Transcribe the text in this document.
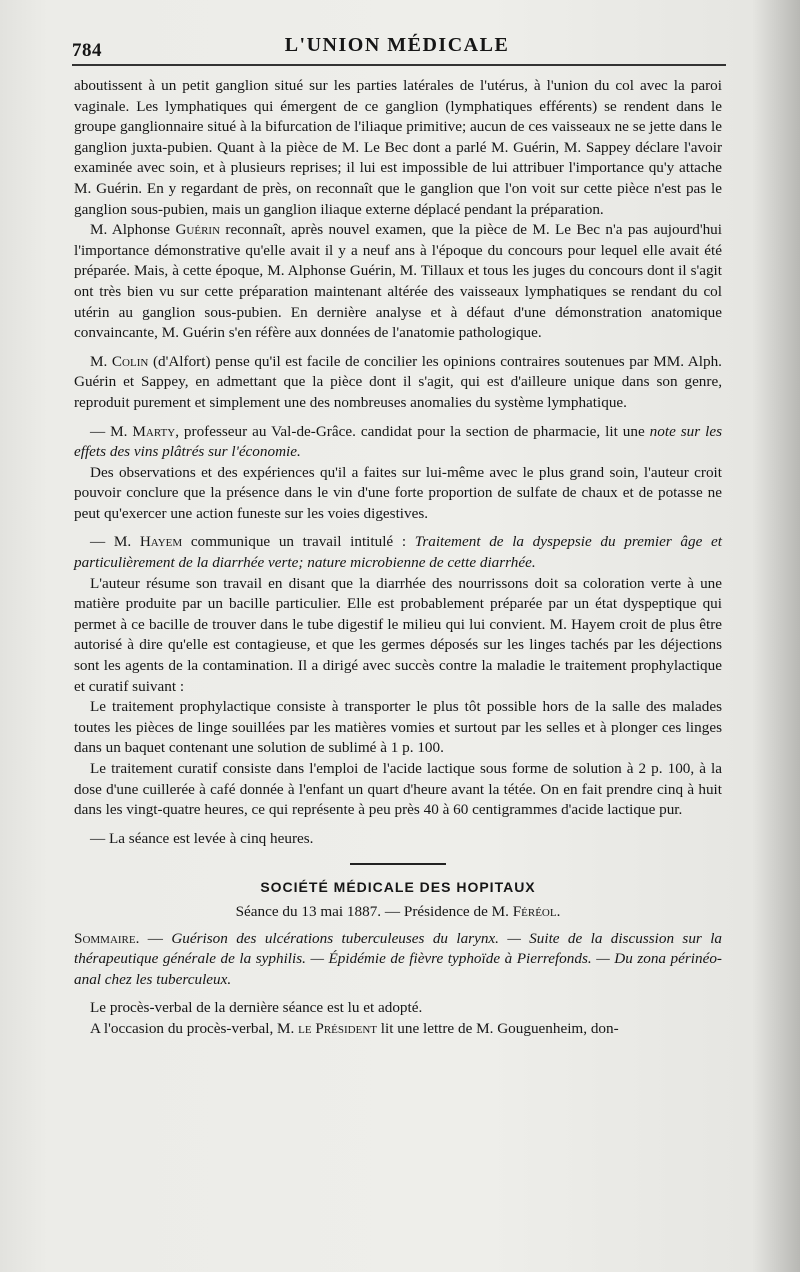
784	L'UNION MÉDICALE

aboutissent à un petit ganglion situé sur les parties latérales de l'utérus, à l'union du col avec la paroi vaginale. Les lymphatiques qui émergent de ce ganglion (lymphatiques efférents) se rendent dans le groupe ganglionnaire situé à la bifurcation de l'iliaque primitive; aucun de ces vaisseaux ne se jette dans le ganglion juxta-pubien. Quant à la pièce de M. Le Bec dont a parlé M. Guérin, M. Sappey déclare l'avoir examinée avec soin, et à plusieurs reprises; il lui est impossible de lui attribuer l'importance qu'y attache M. Guérin. En y regardant de près, on reconnaît que le ganglion que l'on voit sur cette pièce n'est pas le ganglion sous-pubien, mais un ganglion iliaque externe déplacé pendant la préparation.

M. Alphonse Guérin reconnaît, après nouvel examen, que la pièce de M. Le Bec n'a pas aujourd'hui l'importance démonstrative qu'elle avait il y a neuf ans à l'époque du concours pour lequel elle avait été préparée. Mais, à cette époque, M. Alphonse Guérin, M. Tillaux et tous les juges du concours dont il s'agit ont très bien vu sur cette préparation maintenant altérée des vaisseaux lymphatiques se rendant du col utérin au ganglion sous-pubien. En dernière analyse et à défaut d'une démonstration anatomique convaincante, M. Guérin s'en réfère aux données de l'anatomie pathologique.

M. Colin (d'Alfort) pense qu'il est facile de concilier les opinions contraires soutenues par MM. Alph. Guérin et Sappey, en admettant que la pièce dont il s'agit, qui est d'ailleure unique dans son genre, reproduit purement et simplement une des nombreuses anomalies du système lymphatique.

— M. Marty, professeur au Val-de-Grâce. candidat pour la section de pharmacie, lit une note sur les effets des vins plâtrés sur l'économie.

Des observations et des expériences qu'il a faites sur lui-même avec le plus grand soin, l'auteur croit pouvoir conclure que la présence dans le vin d'une forte proportion de sulfate de chaux et de potasse ne peut qu'exercer une action funeste sur les voies digestives.

— M. Hayem communique un travail intitulé : Traitement de la dyspepsie du premier âge et particulièrement de la diarrhée verte; nature microbienne de cette diarrhée.

L'auteur résume son travail en disant que la diarrhée des nourrissons doit sa coloration verte à une matière produite par un bacille particulier. Elle est probablement préparée par un état dyspeptique qui permet à ce bacille de trouver dans le tube digestif le milieu qui lui convient. M. Hayem croit de plus être autorisé à dire qu'elle est contagieuse, et que les germes déposés sur les linges tachés par les déjections sont les agents de la contamination. Il a dirigé avec succès contre la maladie le traitement prophylactique et curatif suivant :

Le traitement prophylactique consiste à transporter le plus tôt possible hors de la salle des malades toutes les pièces de linge souillées par les matières vomies et surtout par les selles et à plonger ces linges dans un baquet contenant une solution de sublimé à 1 p. 100.

Le traitement curatif consiste dans l'emploi de l'acide lactique sous forme de solution à 2 p. 100, à la dose d'une cuillerée à café donnée à l'enfant un quart d'heure avant la tétée. On en fait prendre cinq à huit dans les vingt-quatre heures, ce qui représente à peu près 40 à 60 centigrammes d'acide lactique pur.

— La séance est levée à cinq heures.

SOCIÉTÉ MÉDICALE DES HOPITAUX
Séance du 13 mai 1887. — Présidence de M. Féréol.

Sommaire. — Guérison des ulcérations tuberculeuses du larynx. — Suite de la discussion sur la thérapeutique générale de la syphilis. — Épidémie de fièvre typhoïde à Pierrefonds. — Du zona périnéo-anal chez les tuberculeux.

Le procès-verbal de la dernière séance est lu et adopté.

A l'occasion du procès-verbal, M. le Président lit une lettre de M. Gouguenheim, don-
